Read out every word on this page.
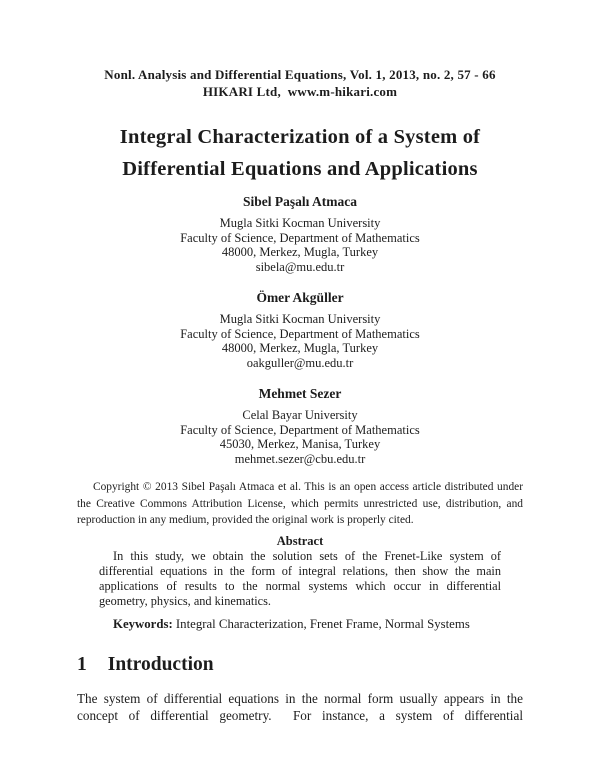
Nonl. Analysis and Differential Equations, Vol. 1, 2013, no. 2, 57 - 66
HIKARI Ltd,  www.m-hikari.com
Integral Characterization of a System of
Differential Equations and Applications
Sibel Paşalı Atmaca
Mugla Sitki Kocman University
Faculty of Science, Department of Mathematics
48000, Merkez, Mugla, Turkey
sibela@mu.edu.tr
Ömer Akgüller
Mugla Sitki Kocman University
Faculty of Science, Department of Mathematics
48000, Merkez, Mugla, Turkey
oakguller@mu.edu.tr
Mehmet Sezer
Celal Bayar University
Faculty of Science, Department of Mathematics
45030, Merkez, Manisa, Turkey
mehmet.sezer@cbu.edu.tr
Copyright © 2013 Sibel Paşalı Atmaca et al. This is an open access article distributed under the Creative Commons Attribution License, which permits unrestricted use, distribution, and reproduction in any medium, provided the original work is properly cited.
Abstract
In this study, we obtain the solution sets of the Frenet-Like system of differential equations in the form of integral relations, then show the main applications of results to the normal systems which occur in differential geometry, physics, and kinematics.
Keywords: Integral Characterization, Frenet Frame, Normal Systems
1 Introduction
The system of differential equations in the normal form usually appears in the concept of differential geometry.  For instance, a system of differential
